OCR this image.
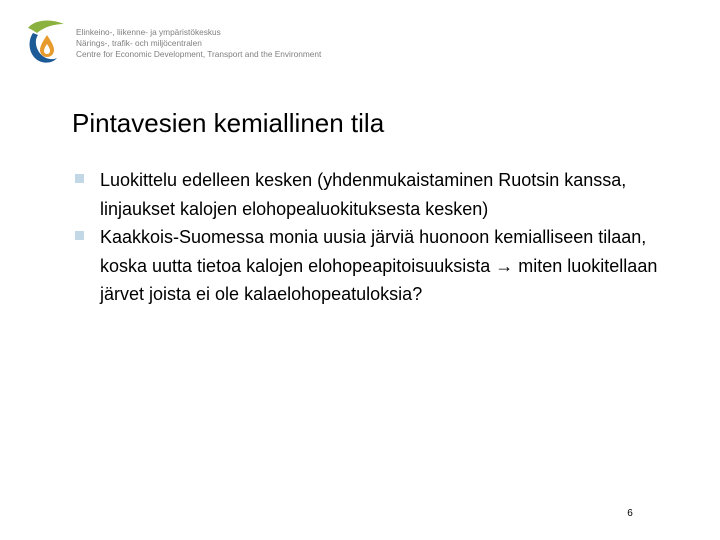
Elinkeino-, liikenne- ja ympäristökeskus
Närings-, trafik- och miljöcentralen
Centre for Economic Development, Transport and the Environment
Pintavesien kemiallinen tila
Luokittelu edelleen kesken (yhdenmukaistaminen Ruotsin kanssa, linjaukset kalojen elohopealuokituksesta kesken)
Kaakkois-Suomessa monia uusia järviä huonoon kemialliseen tilaan, koska uutta tietoa kalojen elohopeapitoisuuksista → miten luokitellaan järvet joista ei ole kalaelohopeatuloksia?
6
